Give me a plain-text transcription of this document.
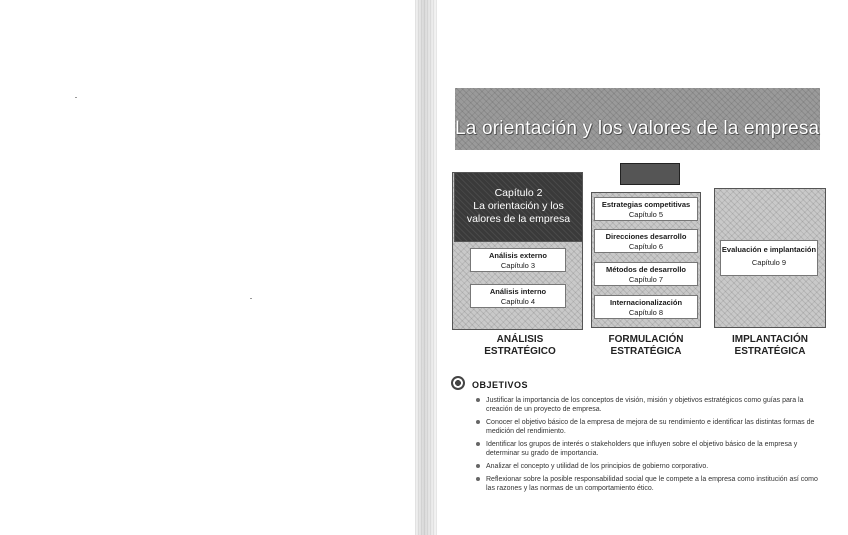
La orientación y los valores de la empresa
Capítulo 2
La orientación y los valores de la empresa
Análisis externo
Capítulo 3
Análisis interno
Capítulo 4
ANÁLISIS ESTRATÉGICO
Estrategias competitivas
Capítulo 5
Direcciones desarrollo
Capítulo 6
Métodos de desarrollo
Capítulo 7
Internacionalización
Capítulo 8
FORMULACIÓN ESTRATÉGICA
Evaluación e implantación
Capítulo 9
IMPLANTACIÓN ESTRATÉGICA
OBJETIVOS
Justificar la importancia de los conceptos de visión, misión y objetivos estratégicos como guías para la creación de un proyecto de empresa.
Conocer el objetivo básico de la empresa de mejora de su rendimiento e identificar las distintas formas de medición del rendimiento.
Identificar los grupos de interés o stakeholders que influyen sobre el objetivo básico de la empresa y determinar su grado de importancia.
Analizar el concepto y utilidad de los principios de gobierno corporativo.
Reflexionar sobre la posible responsabilidad social que le compete a la empresa como institución así como las razones y las normas de un comportamiento ético.
